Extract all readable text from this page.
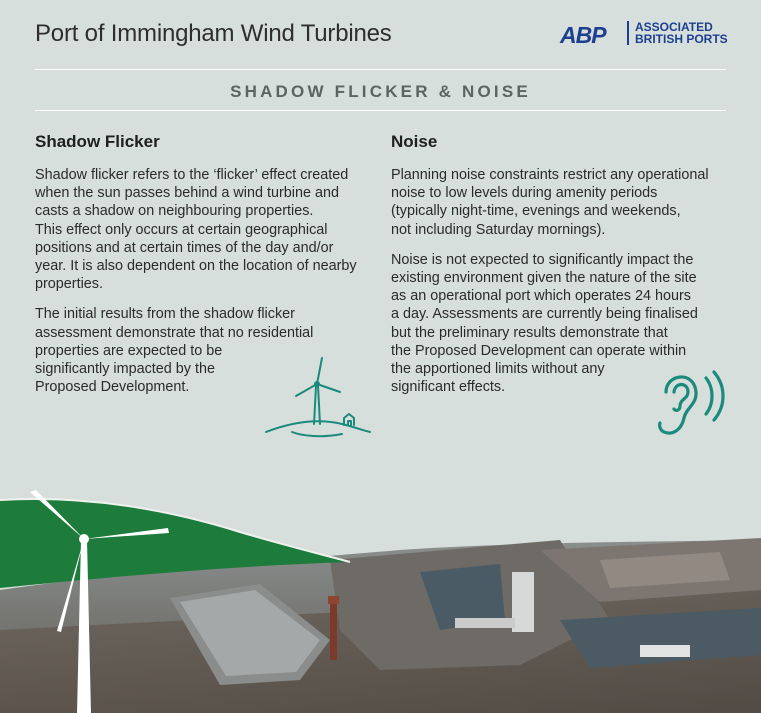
Port of Immingham Wind Turbines	ABP ASSOCIATED
BRITISH PORTS
SHADOW FLICKER & NOISE
Shadow Flicker

Shadow flicker refers to the ‘flicker’ effect created
when the sun passes behind a wind turbine and
casts a shadow on neighbouring properties.
This effect only occurs at certain geographical
positions and at certain times of the day and/or
year. It is also dependent on the location of nearby
properties.

The initial results from the shadow flicker
assessment demonstrate that no residential
properties are expected to be
significantly impacted by the
Proposed Development.

Noise

Planning noise constraints restrict any operational
noise to low levels during amenity periods
(typically night-time, evenings and weekends,
not including Saturday mornings).

Noise is not expected to significantly impact the
existing environment given the nature of the site
as an operational port which operates 24 hours
a day. Assessments are currently being finalised
but the preliminary results demonstrate that
the Proposed Development can operate within
the apportioned limits without any
significant effects.
